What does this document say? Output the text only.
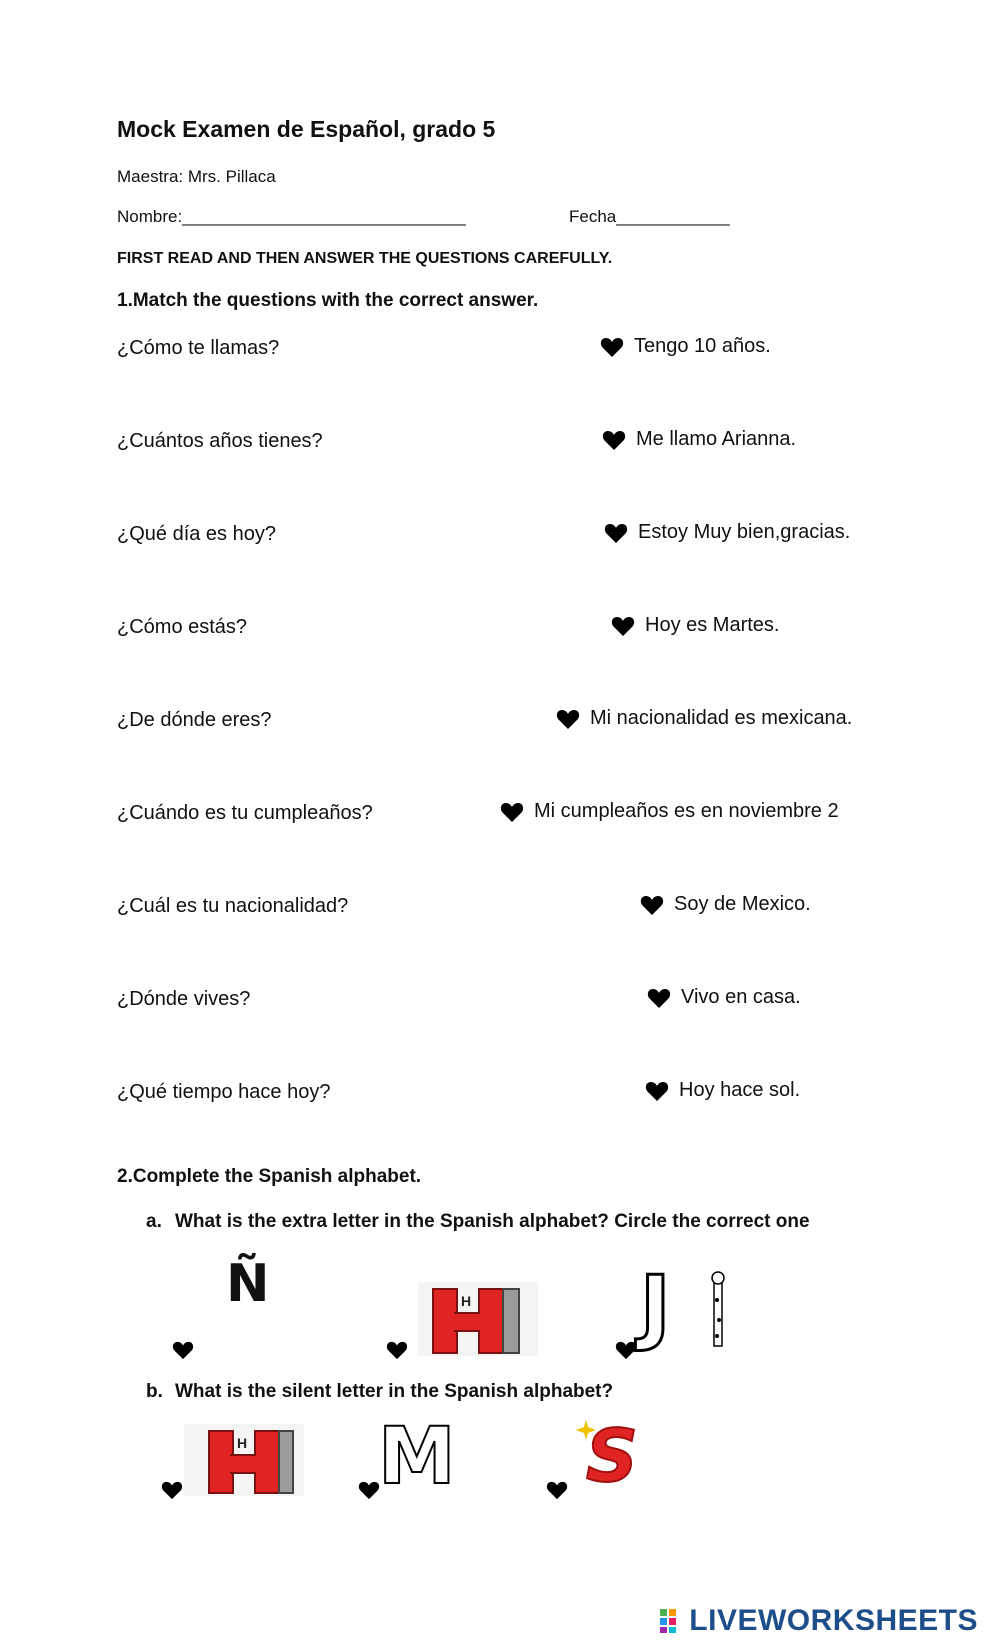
Mock Examen de Español, grado 5
Maestra: Mrs. Pillaca
Nombre:______________________________	Fecha____________
FIRST READ AND THEN ANSWER THE QUESTIONS CAREFULLY.
1.Match the questions with the correct answer.
¿Cómo te llamas?
¿Cuántos años tienes?
¿Qué día es hoy?
¿Cómo estás?
¿De dónde eres?
¿Cuándo es tu cumpleaños?
¿Cuál es tu nacionalidad?
¿Dónde vives?
¿Qué tiempo hace hoy?
Tengo 10 años.
Me llamo Arianna.
Estoy Muy bien,gracias.
Hoy es Martes.
Mi nacionalidad es mexicana.
Mi cumpleaños es en noviembre 2
Soy de Mexico.
Vivo en casa.
Hoy hace sol.
2.Complete the Spanish alphabet.
a. What is the extra letter in the Spanish alphabet? Circle the correct one
Ñ	H J
b. What is the silent letter in the Spanish alphabet?
H M S
LIVEWORKSHEETS
